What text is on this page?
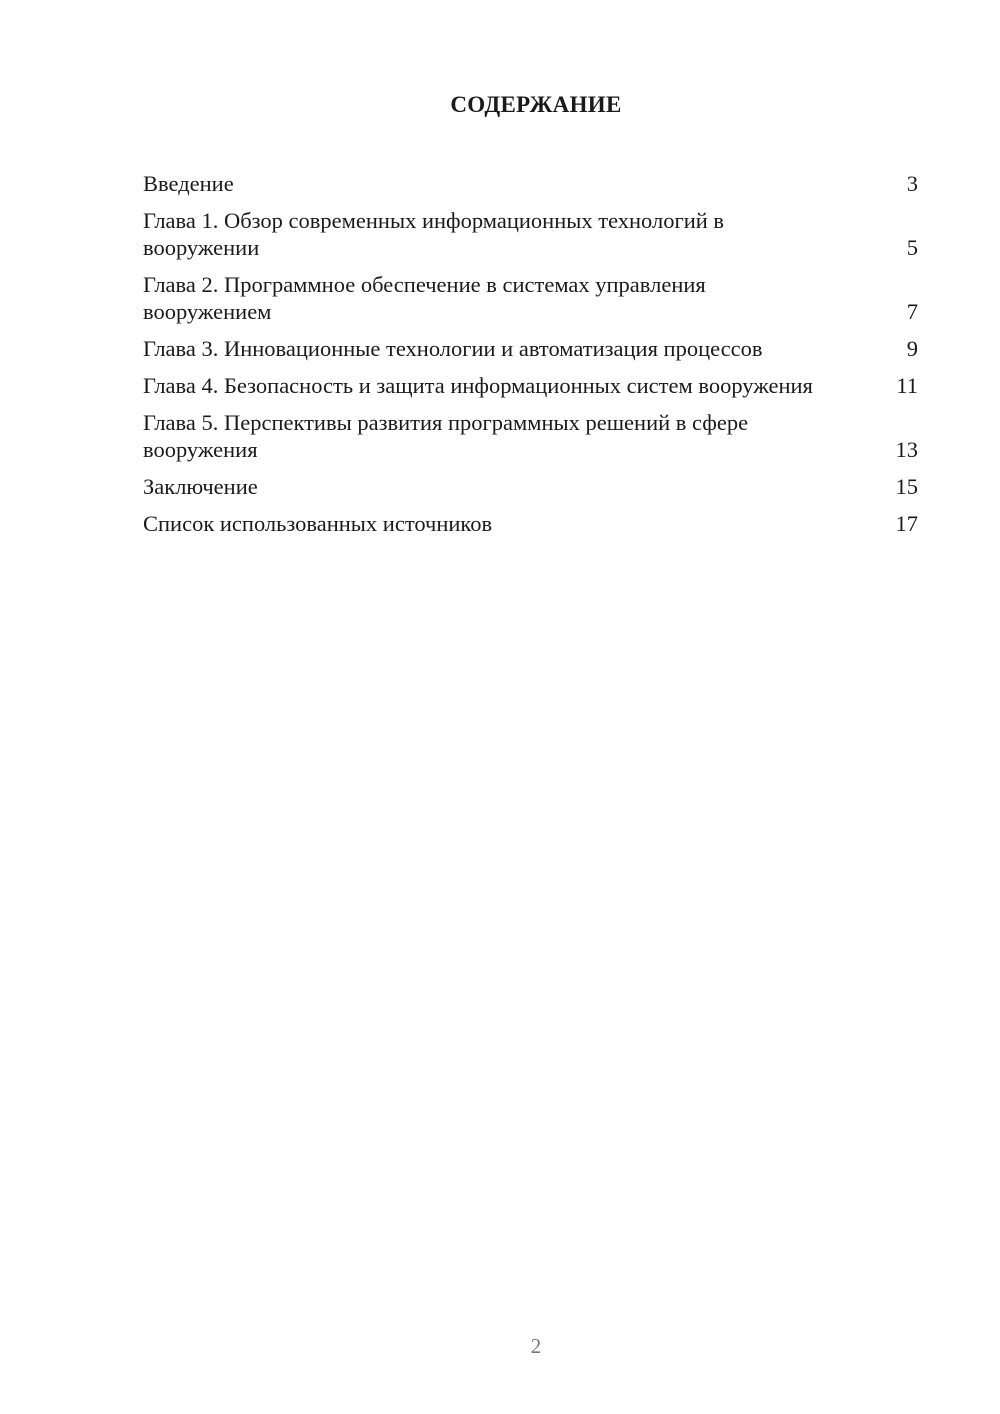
СОДЕРЖАНИЕ
Введение	3
Глава 1. Обзор современных информационных технологий в вооружении	5
Глава 2. Программное обеспечение в системах управления вооружением	7
Глава 3. Инновационные технологии и автоматизация процессов	9
Глава 4. Безопасность и защита информационных систем вооружения	11
Глава 5. Перспективы развития программных решений в сфере вооружения	13
Заключение	15
Список использованных источников	17
2
